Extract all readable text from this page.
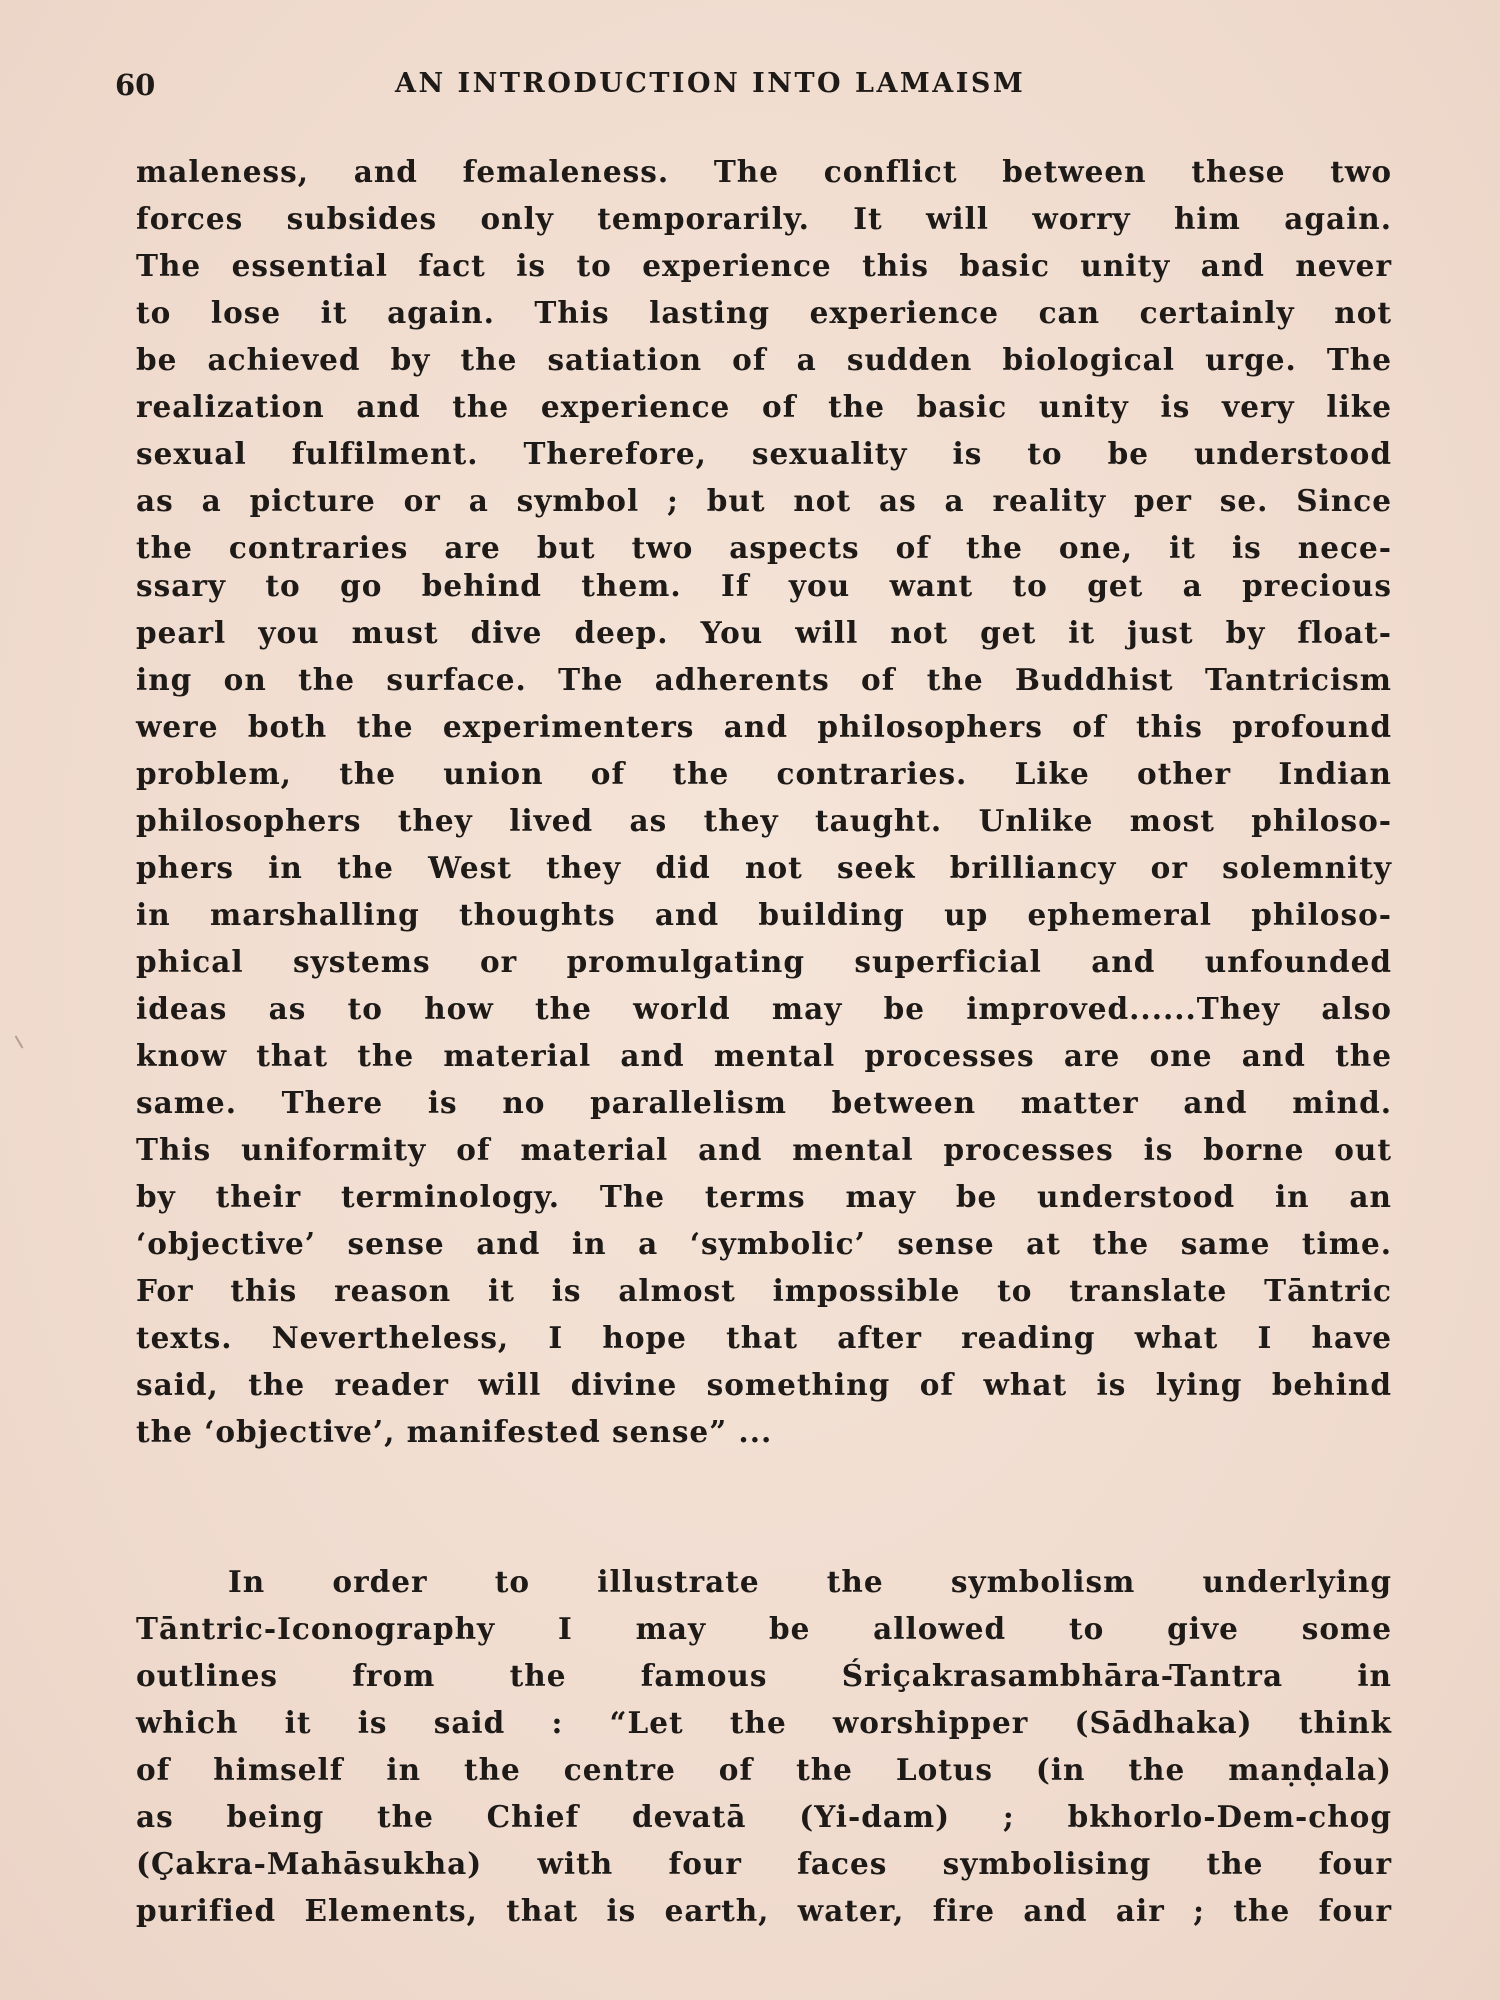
60	AN INTRODUCTION INTO LAMAISM
maleness, and femaleness. The conflict between these two
forces subsides only temporarily. It will worry him again.
The essential fact is to experience this basic unity and never
to lose it again. This lasting experience can certainly not
be achieved by the satiation of a sudden biological urge. The
realization and the experience of the basic unity is very like
sexual fulfilment. Therefore, sexuality is to be understood
as a picture or a symbol ; but not as a reality per se. Since
the contraries are but two aspects of the one, it is nece-
ssary to go behind them. If you want to get a precious
pearl you must dive deep. You will not get it just by float-
ing on the surface. The adherents of the Buddhist Tantricism
were both the experimenters and philosophers of this profound
problem, the union of the contraries. Like other Indian
philosophers they lived as they taught. Unlike most philoso-
phers in the West they did not seek brilliancy or solemnity
in marshalling thoughts and building up ephemeral philoso-
phical systems or promulgating superficial and unfounded
ideas as to how the world may be improved......They also
know that the material and mental processes are one and the
same. There is no parallelism between matter and mind.
This uniformity of material and mental processes is borne out
by their terminology. The terms may be understood in an
‘objective’ sense and in a ‘symbolic’ sense at the same time.
For this reason it is almost impossible to translate Tāntric
texts. Nevertheless, I hope that after reading what I have
said, the reader will divine something of what is lying behind
the ‘objective’, manifested sense” ...
In order to illustrate the symbolism underlying
Tāntric-Iconography I may be allowed to give some
outlines from the famous Śriçakrasambhāra-Tantra in
which it is said : “Let the worshipper (Sādhaka) think
of himself in the centre of the Lotus (in the maṇḍala)
as being the Chief devatā (Yi-dam) ; bkhorlo-Dem-chog
(Çakra-Mahāsukha) with four faces symbolising the four
purified Elements, that is earth, water, fire and air ; the four
